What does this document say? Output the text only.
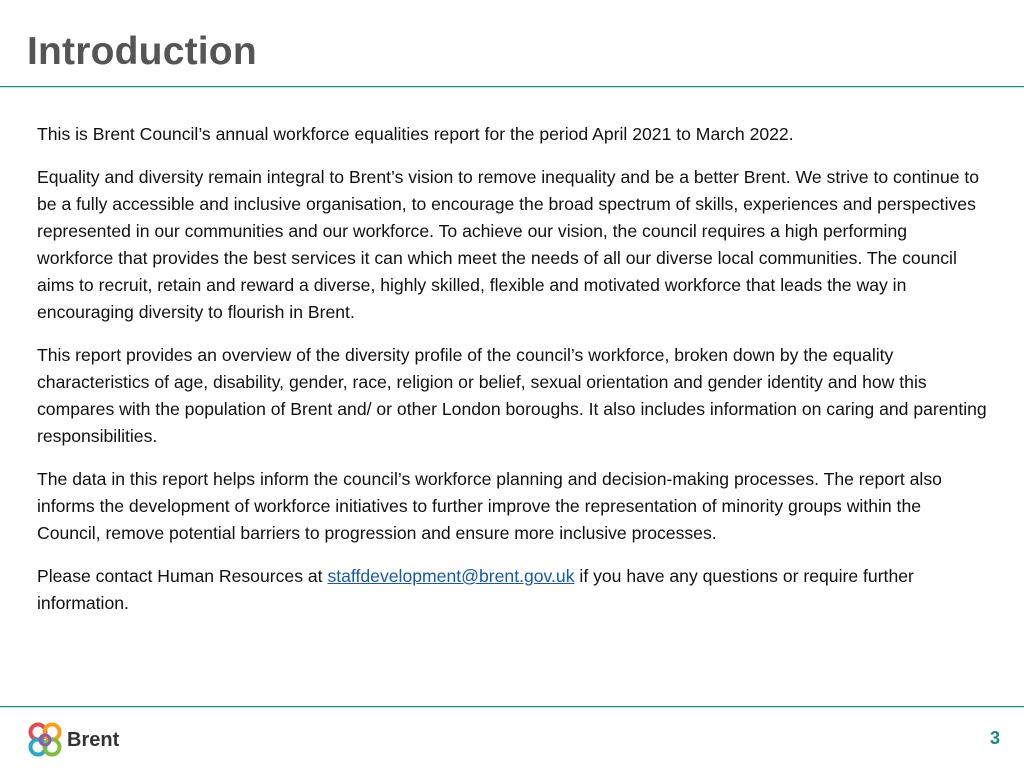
Introduction

This is Brent Council’s annual workforce equalities report for the period April 2021 to March 2022.

Equality and diversity remain integral to Brent’s vision to remove inequality and be a better Brent. We strive to continue to be a fully accessible and inclusive organisation, to encourage the broad spectrum of skills, experiences and perspectives represented in our communities and our workforce. To achieve our vision, the council requires a high performing workforce that provides the best services it can which meet the needs of all our diverse local communities. The council aims to recruit, retain and reward a diverse, highly skilled, flexible and motivated workforce that leads the way in encouraging diversity to flourish in Brent.

This report provides an overview of the diversity profile of the council’s workforce, broken down by the equality characteristics of age, disability, gender, race, religion or belief, sexual orientation and gender identity and how this compares with the population of Brent and/ or other London boroughs. It also includes information on caring and parenting responsibilities.

The data in this report helps inform the council’s workforce planning and decision-making processes. The report also informs the development of workforce initiatives to further improve the representation of minority groups within the Council, remove potential barriers to progression and ensure more inclusive processes.

Please contact Human Resources at staffdevelopment@brent.gov.uk if you have any questions or require further information.

Brent	3
